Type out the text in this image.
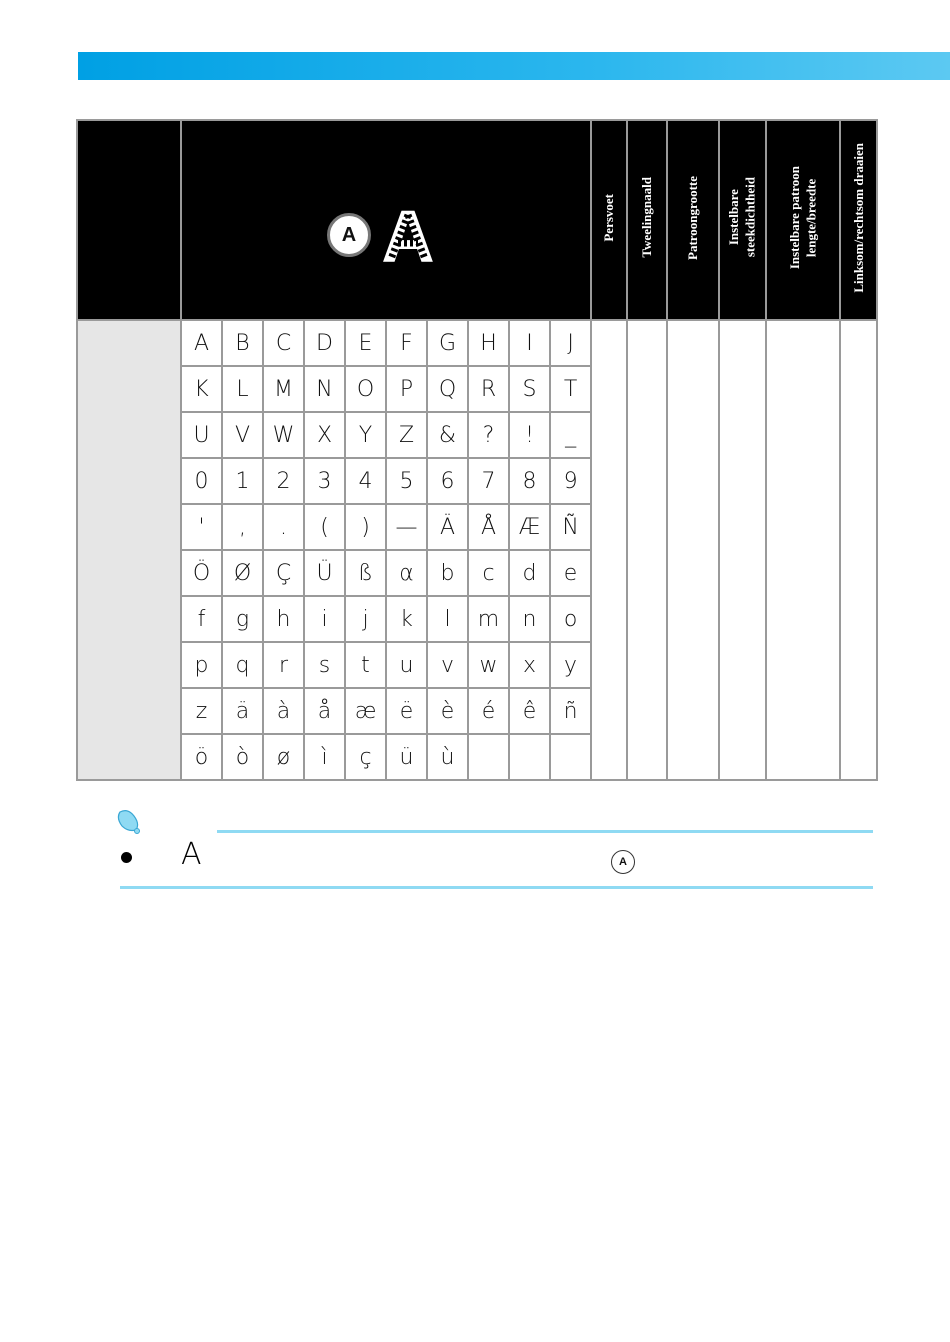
A A										Persvoet	Tweelingnaald	Patroongrootte	Instelbare
steekdichtheid	Instelbare patroon
lengte/breedte	Linksom/rechtsom draaien
	A	B	C	D	E	F	G	H	I	J						
	K	L	M	N	O	P	Q	R	S	T						
	U	V	W	X	Y	Z	&	?	!	_						
	0	1	2	3	4	5	6	7	8	9						
	'	,	.	(	)	—	Ä	Å	Æ	Ñ						
	Ö	Ø	Ç	Ü	ß	α	b	c	d	e						
	f	g	h	i	j	k	l	m	n	o						
	p	q	r	s	t	u	v	w	x	y						
	z	ä	à	å	æ	ë	è	é	ê	ñ						
	ö	ò	ø	ì	ç	ü	ù									
A	A
